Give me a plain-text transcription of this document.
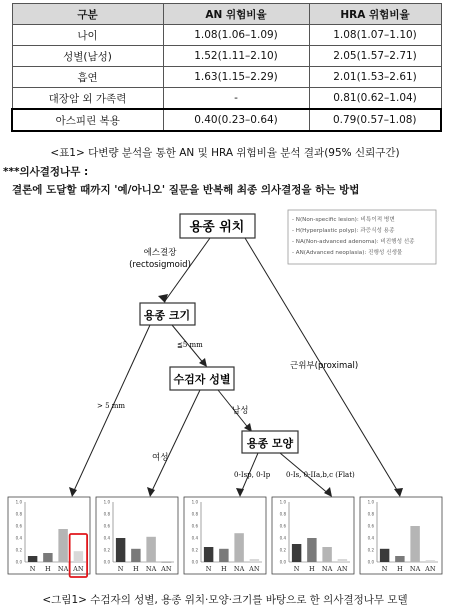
구분	AN 위험비율	HRA 위험비율
나이	1.08(1.06–1.09)	1.08(1.07–1.10)
성별(남성)	1.52(1.11–2.10)	2.05(1.57–2.71)
흡연	1.63(1.15–2.29)	2.01(1.53–2.61)
대장암 외 가족력	-	0.81(0.62–1.04)
아스피린 복용	0.40(0.23–0.64)	0.79(0.57–1.08)
<표1> 다변량 분석을 통한 AN 및 HRA 위험비율 분석 결과(95% 신뢰구간)
***의사결정나무 :
결론에 도달할 때까지 '예/아니오' 질문을 반복해 최종 의사결정을 하는 방법
- N(Non-specific lesion): 비특이적 병변
- H(Hyperplastic polyp): 과증식성 용종
- NA(Non-advanced adenoma): 비진행성 선종
- AN(Advanced neoplasia): 진행성 신생물
용종 위치
용종 크기
수검자 성별
용종 모양
에스결장
(rectosigmoid)
근위부(proximal)
≦5 mm
> 5 mm	남성
여성
0-Isp, 0-Ip 0-Is, 0-IIa,b,c (Flat)
1.0
0.8
0.6
0.4
0.2
0.0
N H NA AN
1.0
0.8
0.6
0.4
0.2
0.0
N H NA AN
1.0
0.8
0.6
0.4
0.2
0.0
N H NA AN
1.0
0.8
0.6
0.4
0.2
0.0
N H NA AN
1.0
0.8
0.6
0.4
0.2
0.0
N H NA AN
<그림1> 수검자의 성별, 용종 위치·모양·크기를 바탕으로 한 의사결정나무 모델
